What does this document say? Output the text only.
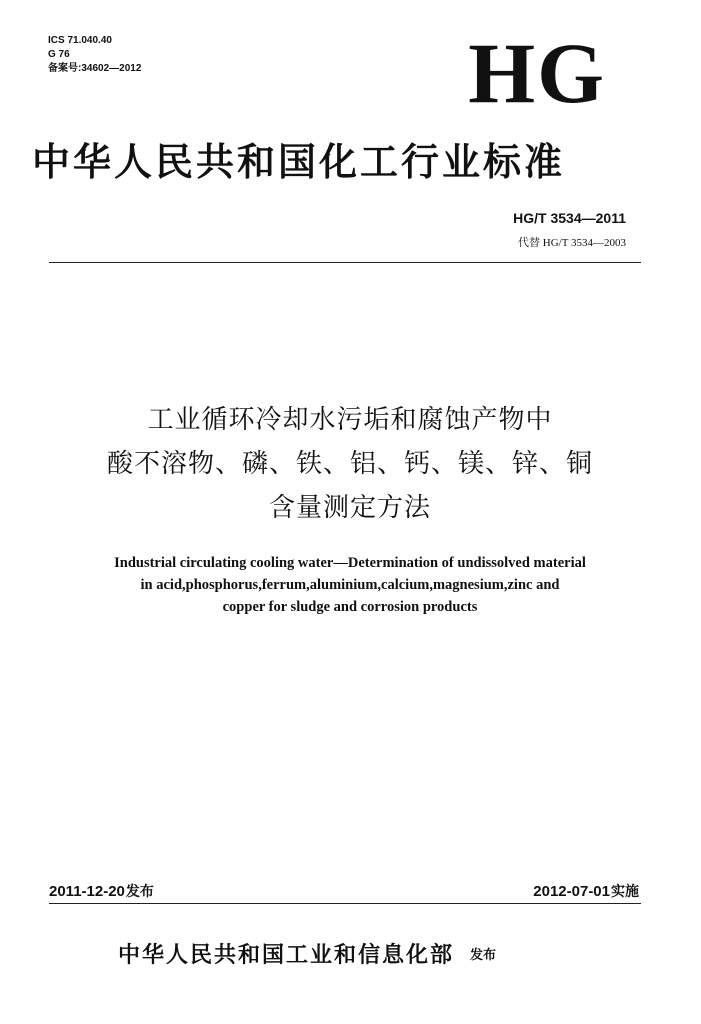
ICS 71.040.40
G 76
备案号:34602—2012	HG
中华人民共和国化工行业标准
HG/T 3534—2011
代替 HG/T 3534—2003
工业循环冷却水污垢和腐蚀产物中
酸不溶物、磷、铁、铝、钙、镁、锌、铜
含量测定方法
Industrial circulating cooling water—Determination of undissolved material
in acid,phosphorus,ferrum,aluminium,calcium,magnesium,zinc and
copper for sludge and corrosion products
2011-12-20发布	2012-07-01实施
中华人民共和国工业和信息化部 发布
